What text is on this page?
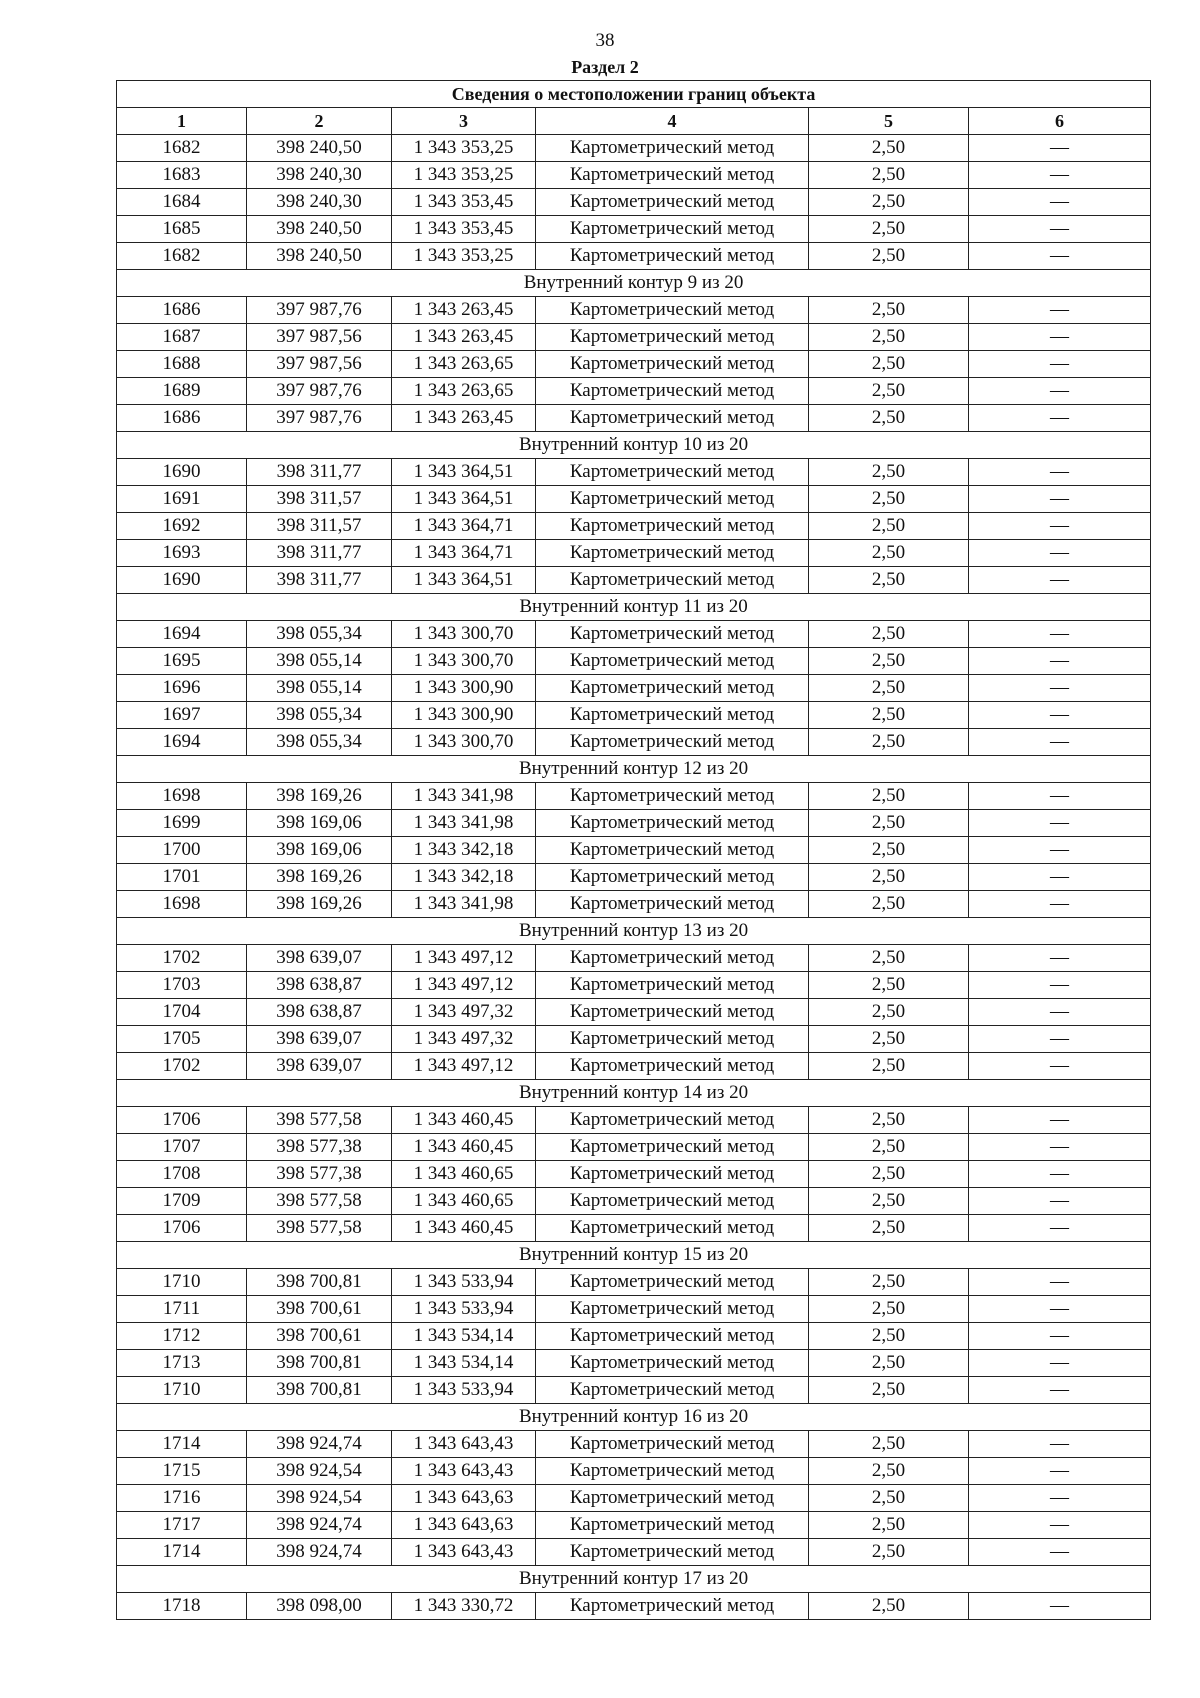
38
Раздел 2
Сведения о местоположении границ объекта					
1	2	3	4	5	6
1682	398 240,50	1 343 353,25	Картометрический метод	2,50	—
1683	398 240,30	1 343 353,25	Картометрический метод	2,50	—
1684	398 240,30	1 343 353,45	Картометрический метод	2,50	—
1685	398 240,50	1 343 353,45	Картометрический метод	2,50	—
1682	398 240,50	1 343 353,25	Картометрический метод	2,50	—
Внутренний контур 9 из 20					
1686	397 987,76	1 343 263,45	Картометрический метод	2,50	—
1687	397 987,56	1 343 263,45	Картометрический метод	2,50	—
1688	397 987,56	1 343 263,65	Картометрический метод	2,50	—
1689	397 987,76	1 343 263,65	Картометрический метод	2,50	—
1686	397 987,76	1 343 263,45	Картометрический метод	2,50	—
Внутренний контур 10 из 20					
1690	398 311,77	1 343 364,51	Картометрический метод	2,50	—
1691	398 311,57	1 343 364,51	Картометрический метод	2,50	—
1692	398 311,57	1 343 364,71	Картометрический метод	2,50	—
1693	398 311,77	1 343 364,71	Картометрический метод	2,50	—
1690	398 311,77	1 343 364,51	Картометрический метод	2,50	—
Внутренний контур 11 из 20					
1694	398 055,34	1 343 300,70	Картометрический метод	2,50	—
1695	398 055,14	1 343 300,70	Картометрический метод	2,50	—
1696	398 055,14	1 343 300,90	Картометрический метод	2,50	—
1697	398 055,34	1 343 300,90	Картометрический метод	2,50	—
1694	398 055,34	1 343 300,70	Картометрический метод	2,50	—
Внутренний контур 12 из 20					
1698	398 169,26	1 343 341,98	Картометрический метод	2,50	—
1699	398 169,06	1 343 341,98	Картометрический метод	2,50	—
1700	398 169,06	1 343 342,18	Картометрический метод	2,50	—
1701	398 169,26	1 343 342,18	Картометрический метод	2,50	—
1698	398 169,26	1 343 341,98	Картометрический метод	2,50	—
Внутренний контур 13 из 20					
1702	398 639,07	1 343 497,12	Картометрический метод	2,50	—
1703	398 638,87	1 343 497,12	Картометрический метод	2,50	—
1704	398 638,87	1 343 497,32	Картометрический метод	2,50	—
1705	398 639,07	1 343 497,32	Картометрический метод	2,50	—
1702	398 639,07	1 343 497,12	Картометрический метод	2,50	—
Внутренний контур 14 из 20					
1706	398 577,58	1 343 460,45	Картометрический метод	2,50	—
1707	398 577,38	1 343 460,45	Картометрический метод	2,50	—
1708	398 577,38	1 343 460,65	Картометрический метод	2,50	—
1709	398 577,58	1 343 460,65	Картометрический метод	2,50	—
1706	398 577,58	1 343 460,45	Картометрический метод	2,50	—
Внутренний контур 15 из 20					
1710	398 700,81	1 343 533,94	Картометрический метод	2,50	—
1711	398 700,61	1 343 533,94	Картометрический метод	2,50	—
1712	398 700,61	1 343 534,14	Картометрический метод	2,50	—
1713	398 700,81	1 343 534,14	Картометрический метод	2,50	—
1710	398 700,81	1 343 533,94	Картометрический метод	2,50	—
Внутренний контур 16 из 20					
1714	398 924,74	1 343 643,43	Картометрический метод	2,50	—
1715	398 924,54	1 343 643,43	Картометрический метод	2,50	—
1716	398 924,54	1 343 643,63	Картометрический метод	2,50	—
1717	398 924,74	1 343 643,63	Картометрический метод	2,50	—
1714	398 924,74	1 343 643,43	Картометрический метод	2,50	—
Внутренний контур 17 из 20					
1718	398 098,00	1 343 330,72	Картометрический метод	2,50	—
